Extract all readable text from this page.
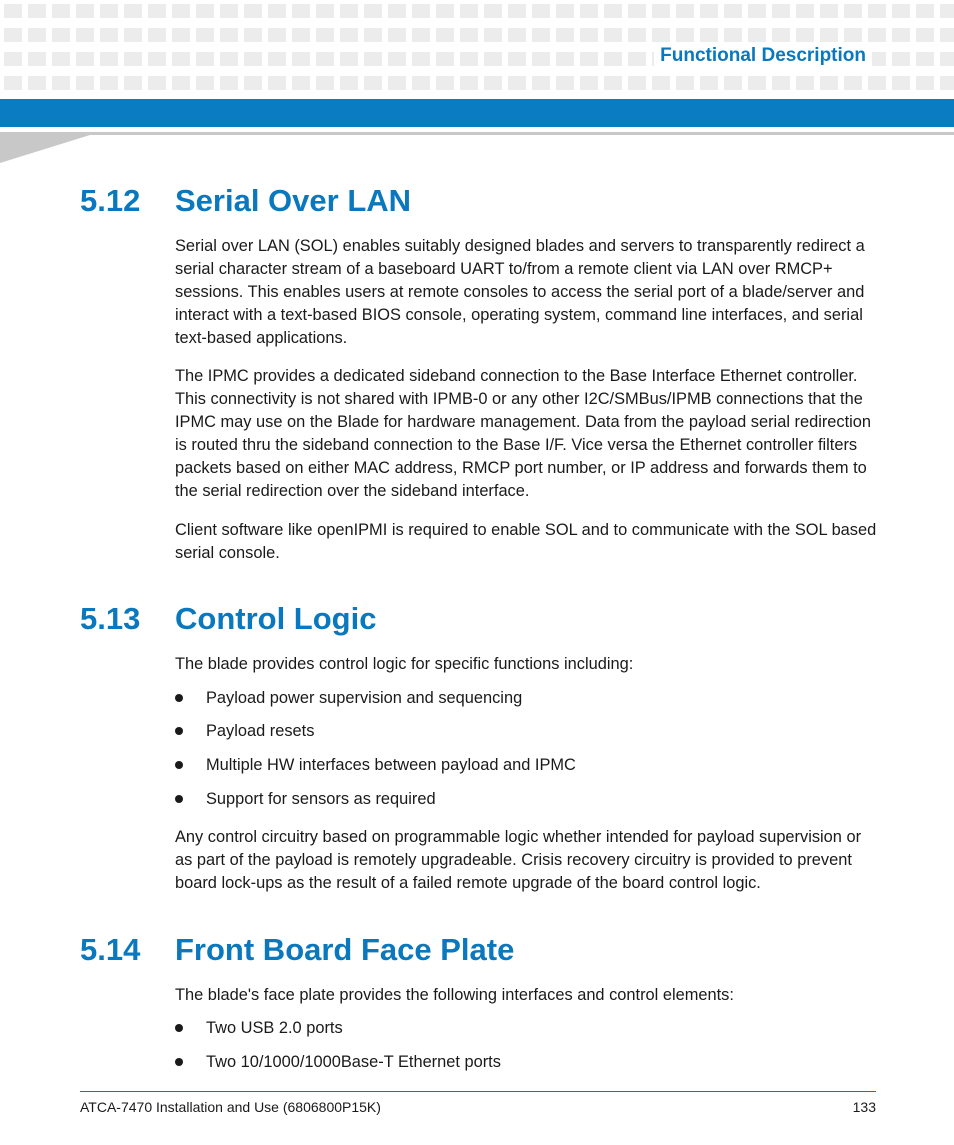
Functional Description
5.12 Serial Over LAN

Serial over LAN (SOL) enables suitably designed blades and servers to transparently redirect a serial character stream of a baseboard UART to/from a remote client via LAN over RMCP+ sessions. This enables users at remote consoles to access the serial port of a blade/server and interact with a text-based BIOS console, operating system, command line interfaces, and serial text-based applications.

The IPMC provides a dedicated sideband connection to the Base Interface Ethernet controller. This connectivity is not shared with IPMB-0 or any other I2C/SMBus/IPMB connections that the IPMC may use on the Blade for hardware management. Data from the payload serial redirection is routed thru the sideband connection to the Base I/F. Vice versa the Ethernet controller filters packets based on either MAC address, RMCP port number, or IP address and forwards them to the serial redirection over the sideband interface.

Client software like openIPMI is required to enable SOL and to communicate with the SOL based serial console.

5.13 Control Logic

The blade provides control logic for specific functions including:

Payload power supervision and sequencing
Payload resets
Multiple HW interfaces between payload and IPMC
Support for sensors as required

Any control circuitry based on programmable logic whether intended for payload supervision or as part of the payload is remotely upgradeable. Crisis recovery circuitry is provided to prevent board lock-ups as the result of a failed remote upgrade of the board control logic.

5.14 Front Board Face Plate

The blade's face plate provides the following interfaces and control elements:

Two USB 2.0 ports
Two 10/1000/1000Base-T Ethernet ports
ATCA-7470 Installation and Use (6806800P15K)	133
